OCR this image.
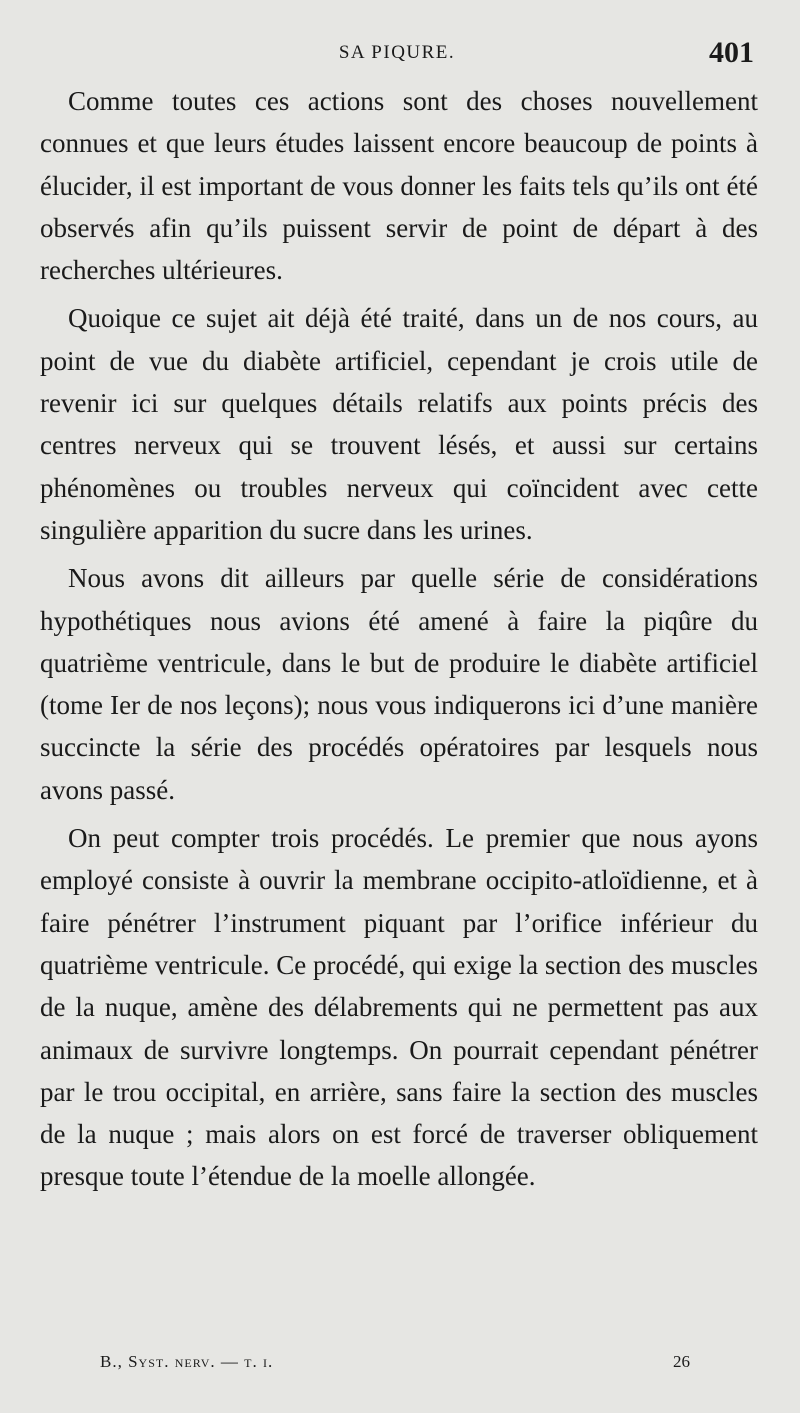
SA PIQURE.	401

Comme toutes ces actions sont des choses nouvellement connues et que leurs études laissent encore beaucoup de points à élucider, il est important de vous donner les faits tels qu’ils ont été observés afin qu’ils puissent servir de point de départ à des recherches ultérieures.

Quoique ce sujet ait déjà été traité, dans un de nos cours, au point de vue du diabète artificiel, cependant je crois utile de revenir ici sur quelques détails relatifs aux points précis des centres nerveux qui se trouvent lésés, et aussi sur certains phénomènes ou troubles nerveux qui coïncident avec cette singulière apparition du sucre dans les urines.

Nous avons dit ailleurs par quelle série de considérations hypothétiques nous avions été amené à faire la piqûre du quatrième ventricule, dans le but de produire le diabète artificiel (tome Ier de nos leçons); nous vous indiquerons ici d’une manière succincte la série des procédés opératoires par lesquels nous avons passé.

On peut compter trois procédés. Le premier que nous ayons employé consiste à ouvrir la membrane occipito-atloïdienne, et à faire pénétrer l’instrument piquant par l’orifice inférieur du quatrième ventricule. Ce procédé, qui exige la section des muscles de la nuque, amène des délabrements qui ne permettent pas aux animaux de survivre longtemps. On pourrait cependant pénétrer par le trou occipital, en arrière, sans faire la section des muscles de la nuque ; mais alors on est forcé de traverser obliquement presque toute l’étendue de la moelle allongée.

B., Syst. nerv. — t. i.	26
